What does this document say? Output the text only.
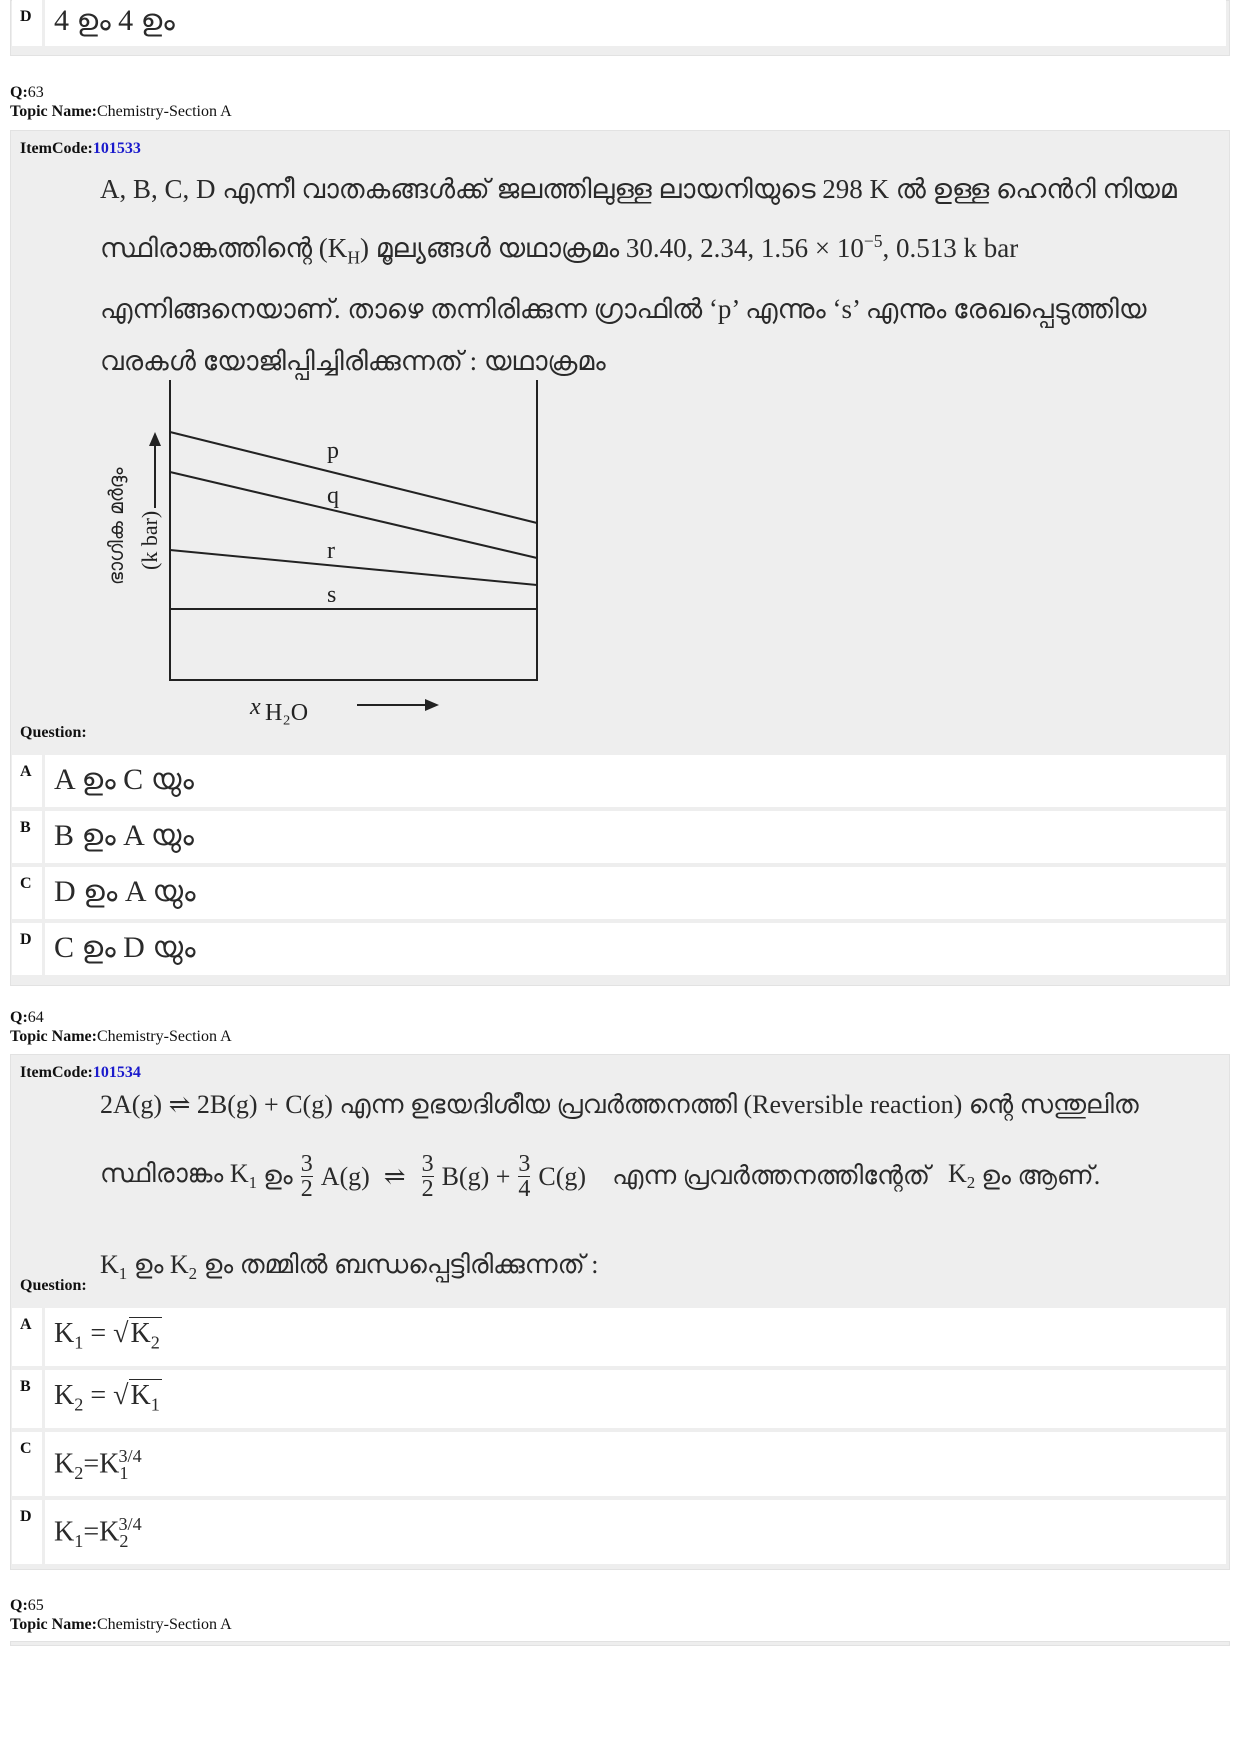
D 4 ഉം 4 ഉം
Q:63
Topic Name:Chemistry-Section A
ItemCode:101533
A, B, C, D എന്നീ വാതകങ്ങൾക്ക് ജലത്തിലുള്ള ലായനിയുടെ 298 K ൽ ഉള്ള ഹെൻറി നിയമ
സ്ഥിരാങ്കത്തിന്റെ $(K_H)$ മൂല്യങ്ങൾ യഥാക്രമം 30.40, 2.34, $1.56 \times 10^{-5}$, 0.513 k bar
എന്നിങ്ങനെയാണ്. താഴെ തന്നിരിക്കുന്ന ഗ്രാഫിൽ ‘p’ എന്നും ‘s’ എന്നും രേഖപ്പെടുത്തിയ
വരകൾ യോജിപ്പിച്ചിരിക്കുന്നത് : യഥാക്രമം
p
q
r
s
x H₂O
ഭാഗിക മർദ്ദം (k bar)
Question:
A A ഉം C യും
B B ഉം A യും
C D ഉം A യും
D C ഉം D യും
Q:64
Topic Name:Chemistry-Section A
ItemCode:101534
2A(g) ⇌ 2B(g) + C(g) എന്ന ഉഭയദിശീയ പ്രവർത്തനത്തി (Reversible reaction) ന്റെ സന്തുലിത
സ്ഥിരാങ്കം $K_1$ ഉം 3
2 A(g) ⇌ 3
2 $B(g) + \frac{3}{4} C(g)$ എന്ന പ്രവർത്തനത്തിന്റേത് $K_2$ ഉം ആണ്.
Question:
$K_1$ ഉം $K_2$ ഉം തമ്മിൽ ബന്ധപ്പെട്ടിരിക്കുന്നത് :
A $K_1 = √K_2$
B $K_2 = √K_1$
C $K_2=K_1^{3/4}$
D $K_1=K_2^{3/4}$
Q:65
Topic Name:Chemistry-Section A
